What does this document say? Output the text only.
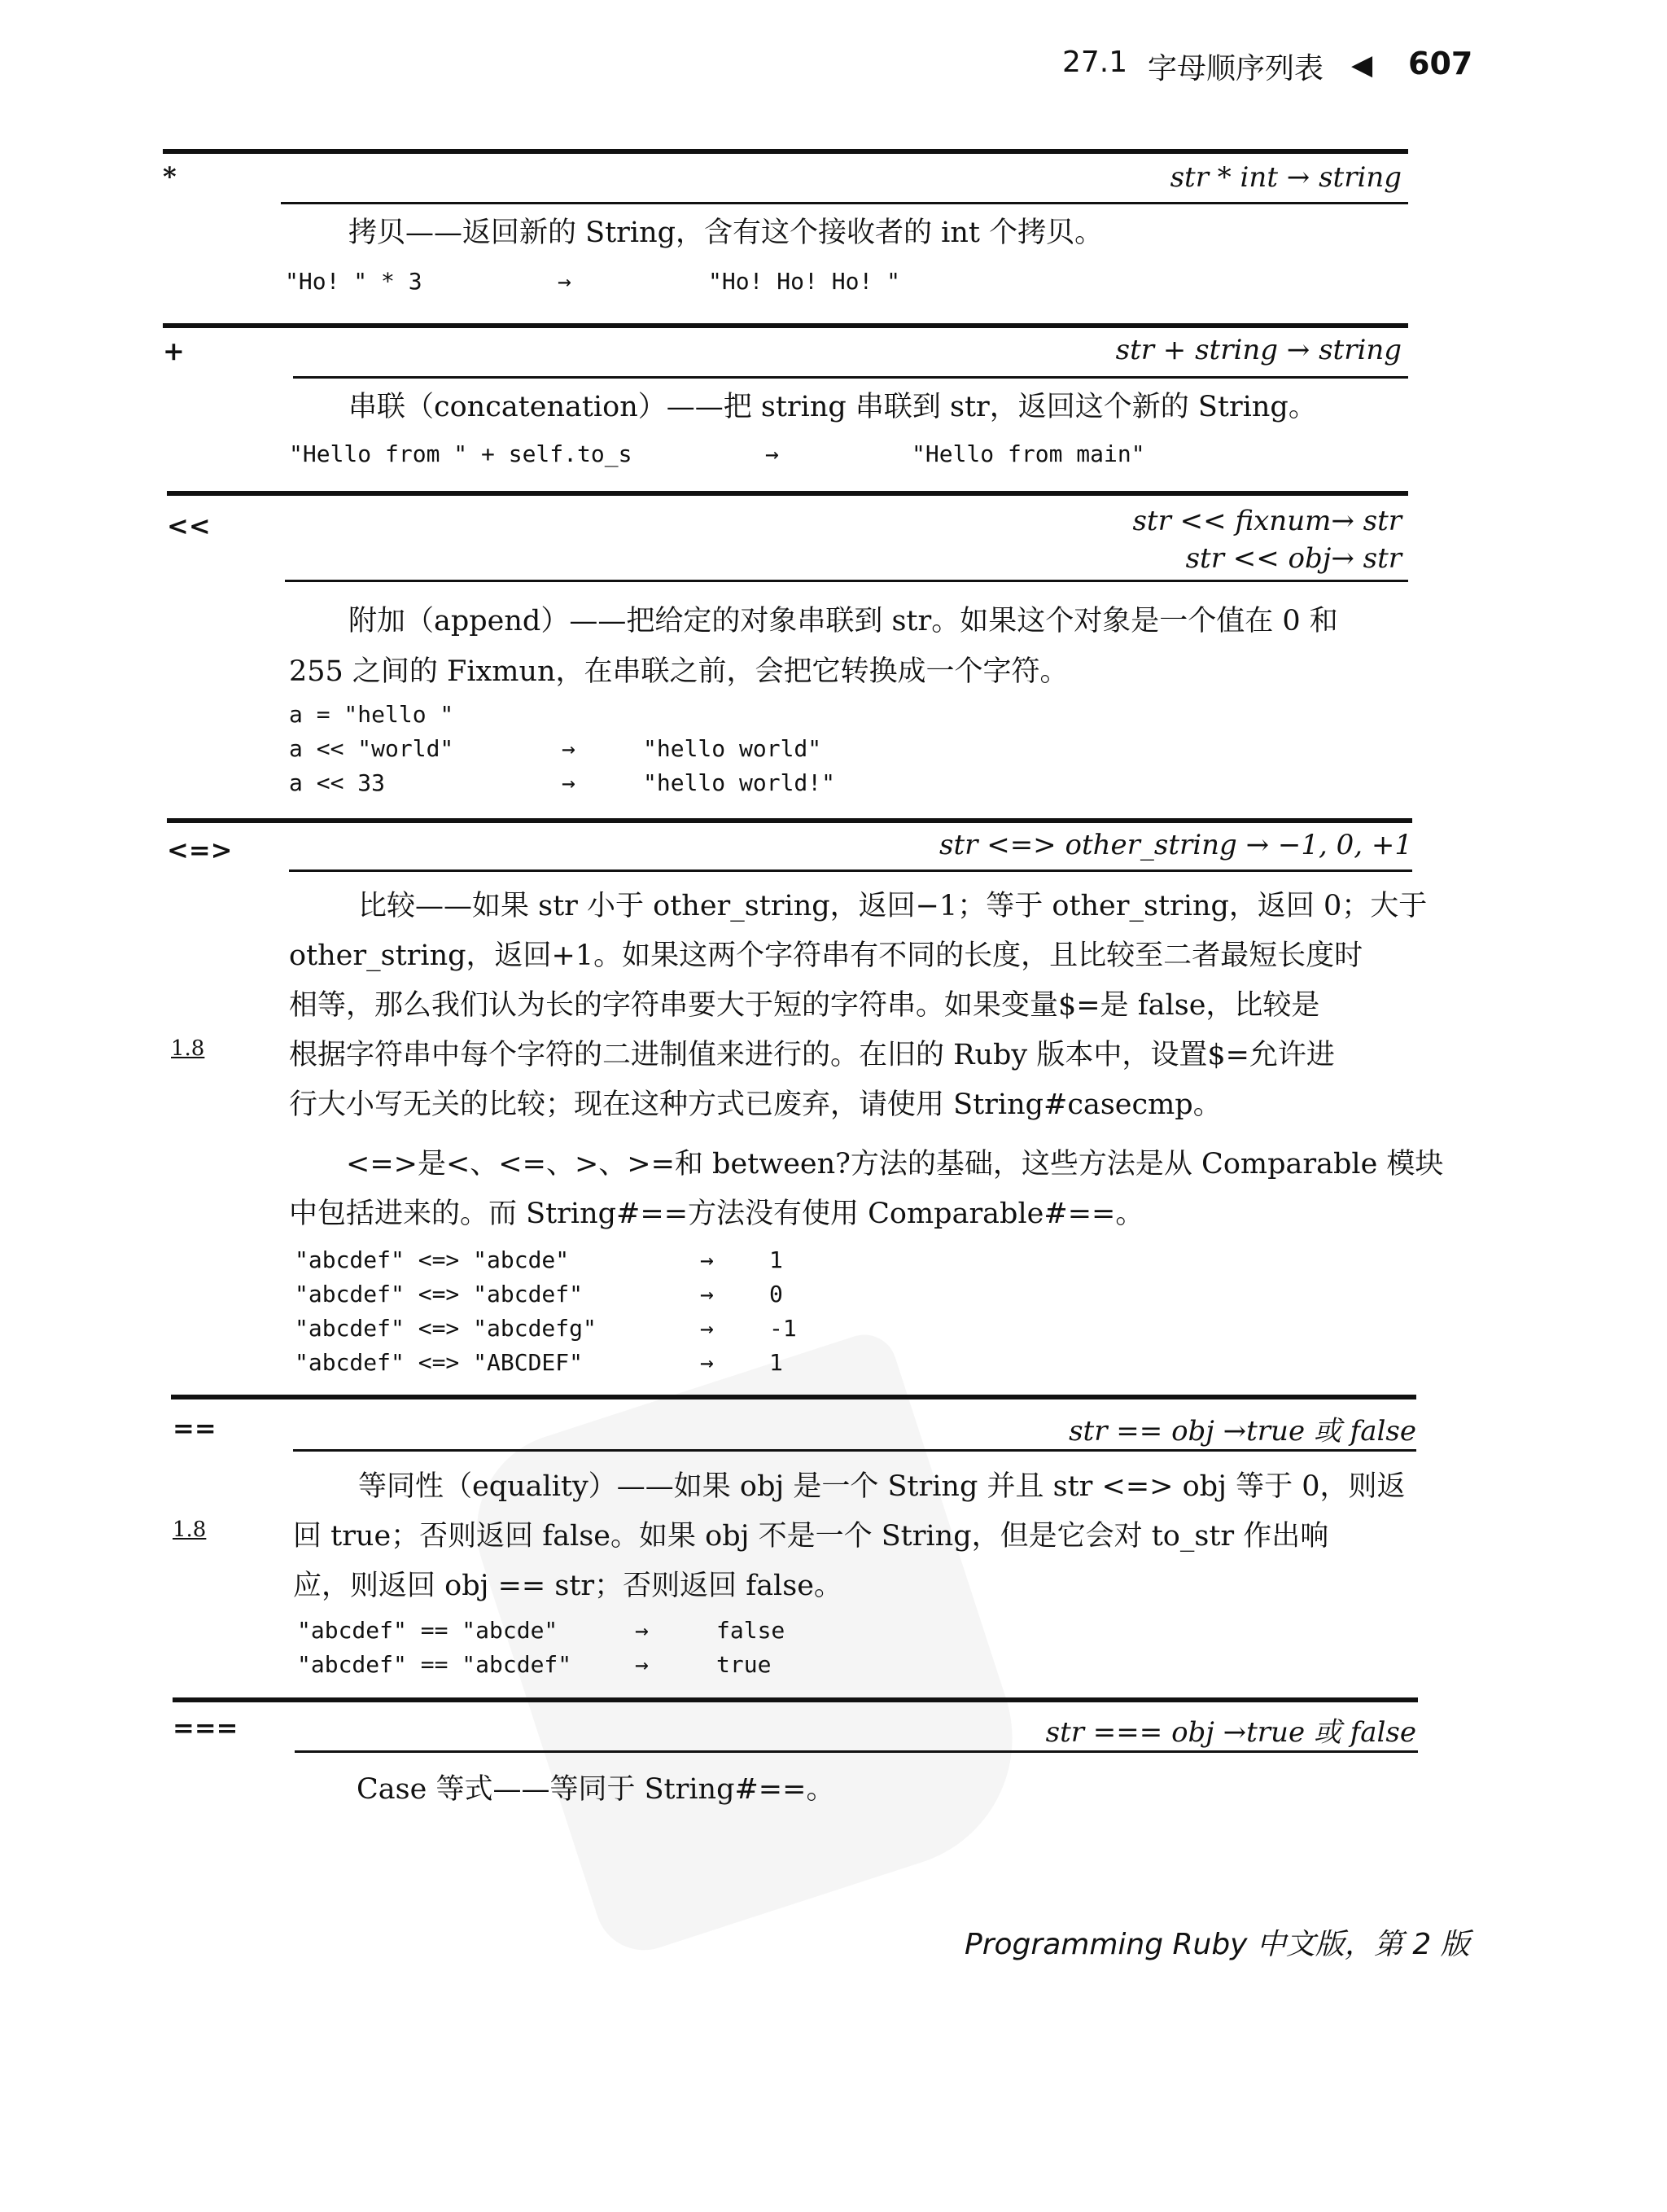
27.1 字母顺序列表 ◀ 607
*	str * int → string
拷贝——返回新的 String，含有这个接收者的 int 个拷贝。
"Ho! " * 3	→	"Ho! Ho! Ho! "
+	str + string → string
串联（concatenation）——把 string 串联到 str，返回这个新的 String。
"Hello from " + self.to_s	→	"Hello from main"
<<	str << fixnum→ str
str << obj→ str
附加（append）——把给定的对象串联到 str。如果这个对象是一个值在 0 和
255 之间的 Fixmun，在串联之前，会把它转换成一个字符。
a = "hello "
a << "world"	→	"hello world"
a << 33	→	"hello world!"
<=>	str <=> other_string → −1, 0, +1
比较——如果 str 小于 other_string，返回−1；等于 other_string，返回 0；大于
other_string，返回+1。如果这两个字符串有不同的长度，且比较至二者最短长度时
相等，那么我们认为长的字符串要大于短的字符串。如果变量$=是 false，比较是
1.8	根据字符串中每个字符的二进制值来进行的。在旧的 Ruby 版本中，设置$=允许进
行大小写无关的比较；现在这种方式已废弃，请使用 String#casecmp。
<=>是<、<=、>、>=和 between?方法的基础，这些方法是从 Comparable 模块
中包括进来的。而 String#==方法没有使用 Comparable#==。
"abcdef" <=> "abcde"	→ 1
"abcdef" <=> "abcdef"	→ 0
"abcdef" <=> "abcdefg"	→ -1
"abcdef" <=> "ABCDEF"	→ 1
==	str == obj →true 或 false
等同性（equality）——如果 obj 是一个 String 并且 str <=> obj 等于 0，则返
1.8	回 true；否则返回 false。如果 obj 不是一个 String，但是它会对 to_str 作出响
应，则返回 obj == str；否则返回 false。
"abcdef" == "abcde"	→	false
"abcdef" == "abcdef"	→	true
===	str === obj →true 或 false
Case 等式——等同于 String#==。
Programming Ruby 中文版，第 2 版
